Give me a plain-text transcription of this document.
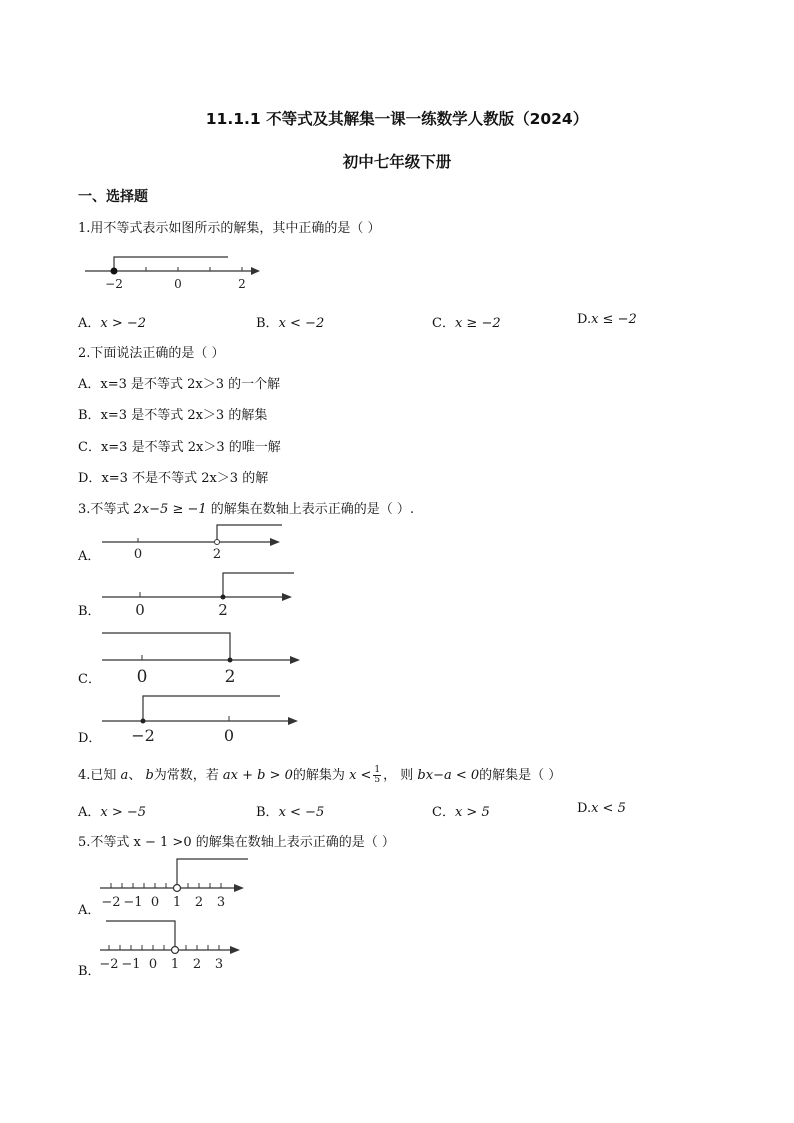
11.1.1 不等式及其解集一课一练数学人教版（2024）
初中七年级下册
一、选择题
1.用不等式表示如图所示的解集，其中正确的是（ ）
−2	0	2
A．x > −2	B．x < −2	C．x ≥ −2	D.x ≤ −2
2.下面说法正确的是（ ）
A．x=3 是不等式 2x＞3 的一个解
B．x=3 是不等式 2x＞3 的解集
C．x=3 是不等式 2x＞3 的唯一解
D．x=3 不是不等式 2x＞3 的解
3.不等式 2x−5 ≥ −1 的解集在数轴上表示正确的是（ ）.
A．	0	2
B． 0	2
C． 0	2
D． −2	0
4.已知 a、 b为常数，若 ax + b > 0的解集为 $x < \frac{1}{5}$ ， 则 bx−a < 0的解集是（ ）
A．x > −5	B．x < −5	C．x > 5	D.x < 5
5.不等式 x − 1 >0 的解集在数轴上表示正确的是（ ）
A．
−2 −1 0 1 2 3
B．
−2 −1 0 1 2 3
